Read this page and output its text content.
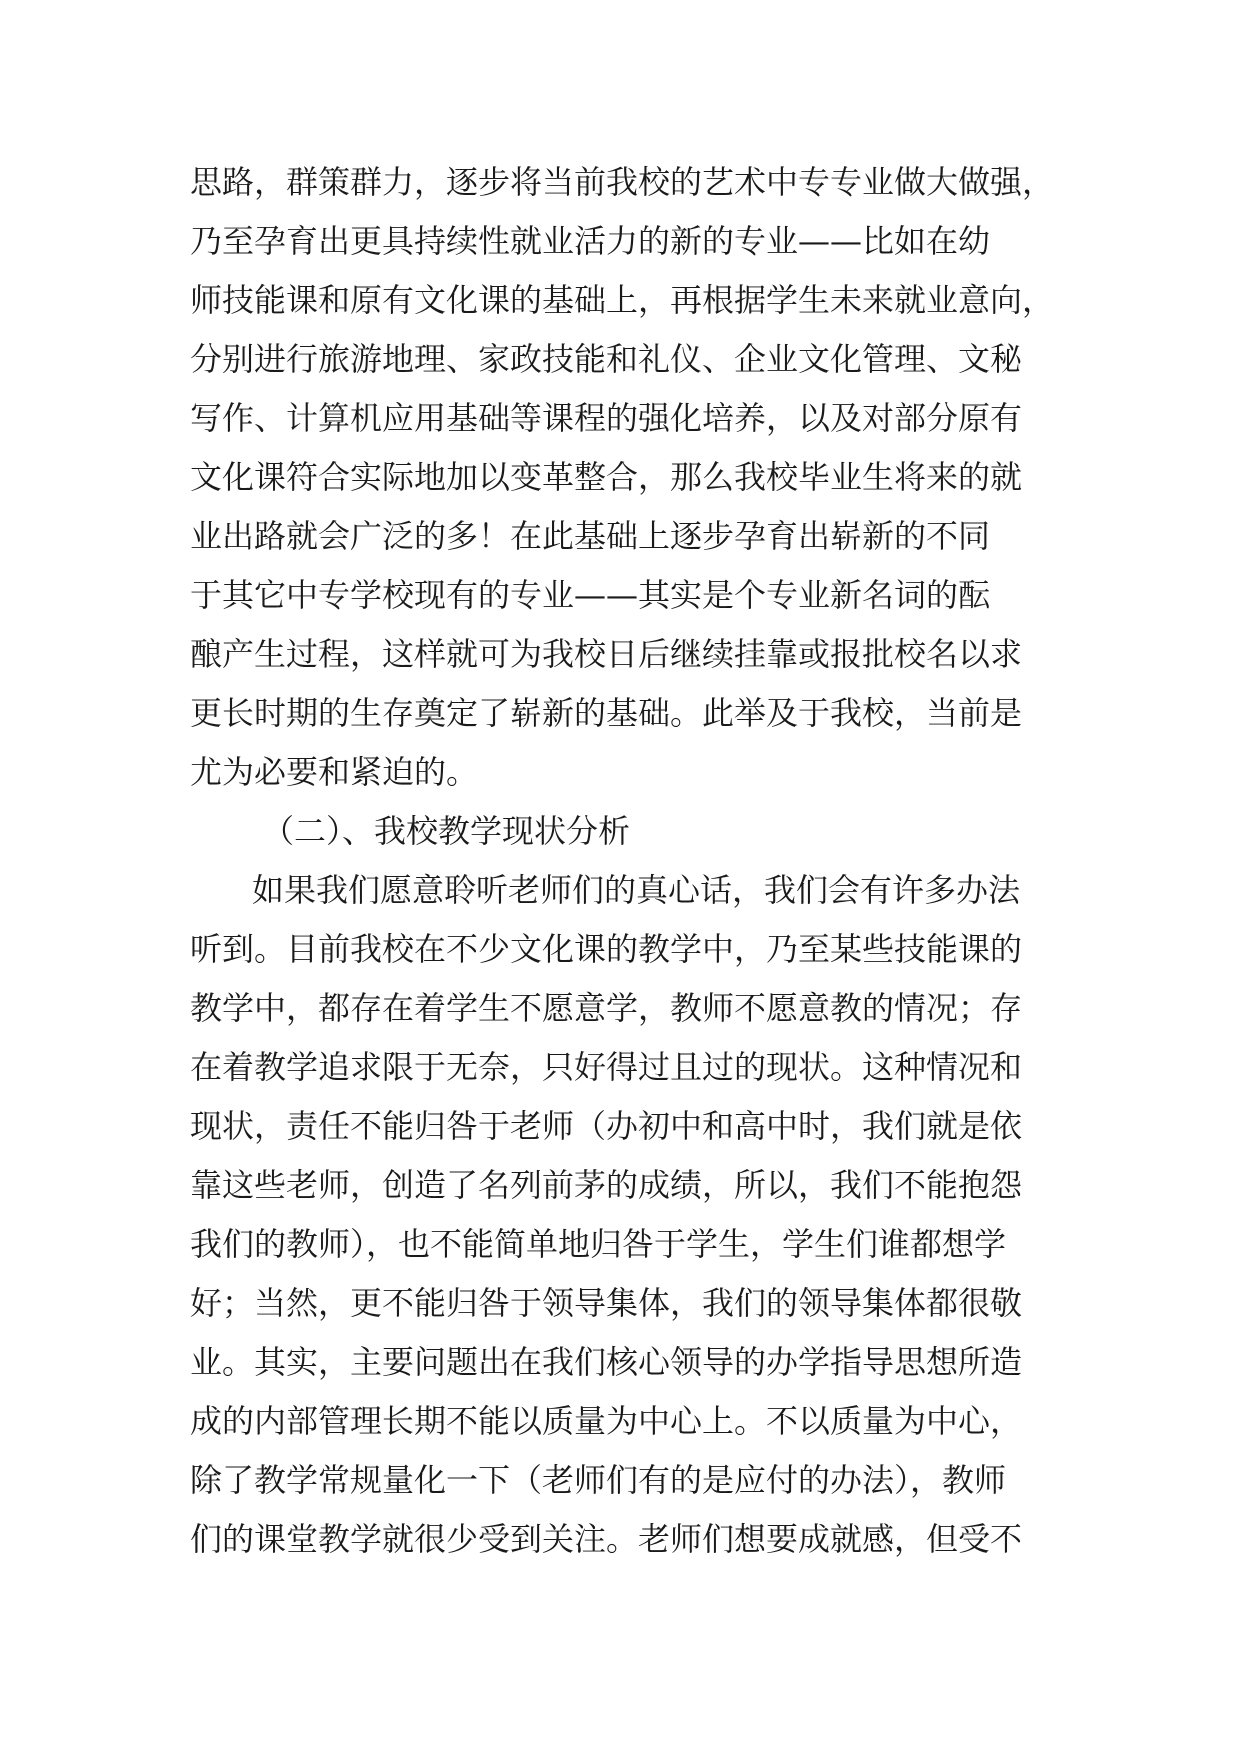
思路，群策群力，逐步将当前我校的艺术中专专业做大做强，
乃至孕育出更具持续性就业活力的新的专业——比如在幼
师技能课和原有文化课的基础上，再根据学生未来就业意向，
分别进行旅游地理、家政技能和礼仪、企业文化管理、文秘
写作、计算机应用基础等课程的强化培养，以及对部分原有
文化课符合实际地加以变革整合，那么我校毕业生将来的就
业出路就会广泛的多！在此基础上逐步孕育出崭新的不同
于其它中专学校现有的专业——其实是个专业新名词的酝
酿产生过程，这样就可为我校日后继续挂靠或报批校名以求
更长时期的生存奠定了崭新的基础。此举及于我校，当前是
尤为必要和紧迫的。
（二）、我校教学现状分析
如果我们愿意聆听老师们的真心话，我们会有许多办法
听到。目前我校在不少文化课的教学中，乃至某些技能课的
教学中，都存在着学生不愿意学，教师不愿意教的情况；存
在着教学追求限于无奈，只好得过且过的现状。这种情况和
现状，责任不能归咎于老师（办初中和高中时，我们就是依
靠这些老师，创造了名列前茅的成绩，所以，我们不能抱怨
我们的教师），也不能简单地归咎于学生，学生们谁都想学
好；当然，更不能归咎于领导集体，我们的领导集体都很敬
业。其实，主要问题出在我们核心领导的办学指导思想所造
成的内部管理长期不能以质量为中心上。不以质量为中心，
除了教学常规量化一下（老师们有的是应付的办法），教师
们的课堂教学就很少受到关注。老师们想要成就感，但受不
